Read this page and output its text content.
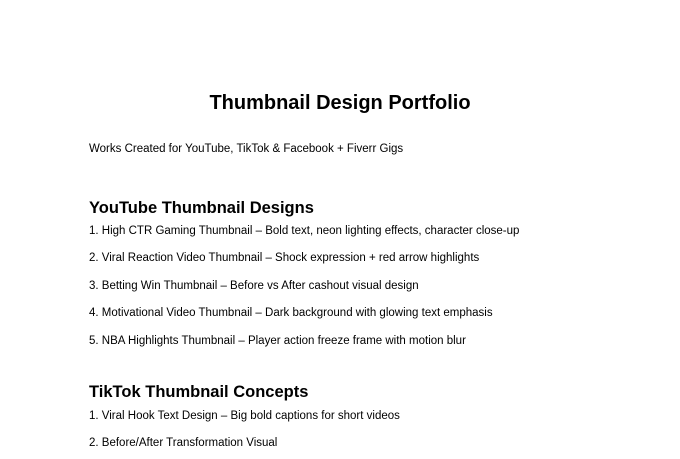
Thumbnail Design Portfolio
Works Created for YouTube, TikTok & Facebook + Fiverr Gigs
YouTube Thumbnail Designs
1. High CTR Gaming Thumbnail – Bold text, neon lighting effects, character close-up
2. Viral Reaction Video Thumbnail – Shock expression + red arrow highlights
3. Betting Win Thumbnail – Before vs After cashout visual design
4. Motivational Video Thumbnail – Dark background with glowing text emphasis
5. NBA Highlights Thumbnail – Player action freeze frame with motion blur
TikTok Thumbnail Concepts
1. Viral Hook Text Design – Big bold captions for short videos
2. Before/After Transformation Visual
